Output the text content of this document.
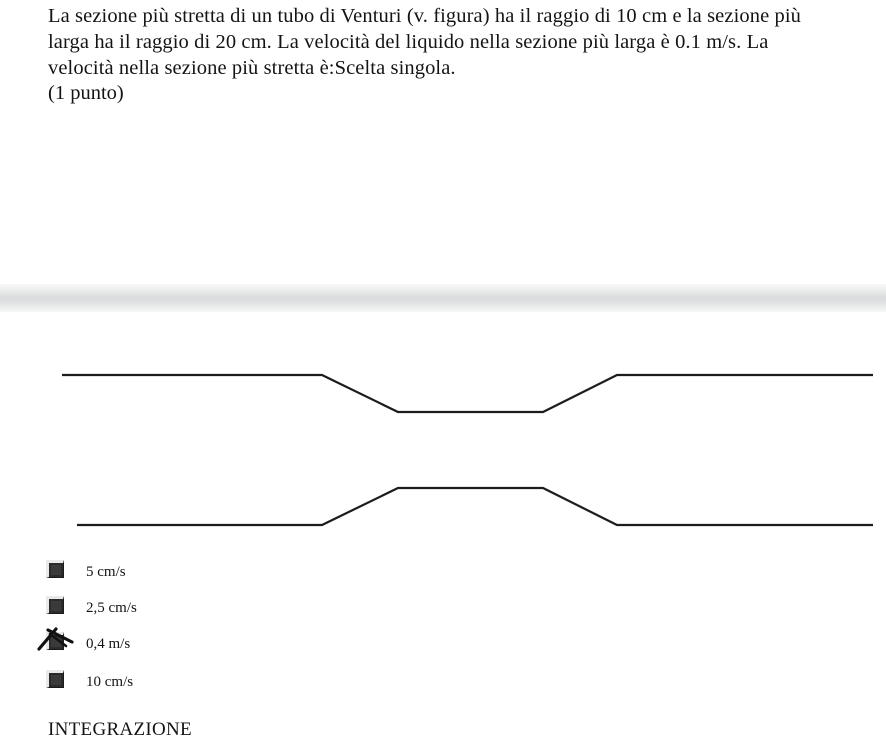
La sezione più stretta di un tubo di Venturi (v. figura) ha il raggio di 10 cm e la sezione più
larga ha il raggio di 20 cm. La velocità del liquido nella sezione più larga è 0.1 m/s. La
velocità nella sezione più stretta è:Scelta singola.
(1 punto)
5 cm/s
2,5 cm/s
0,4 m/s
10 cm/s
INTEGRAZIONE
